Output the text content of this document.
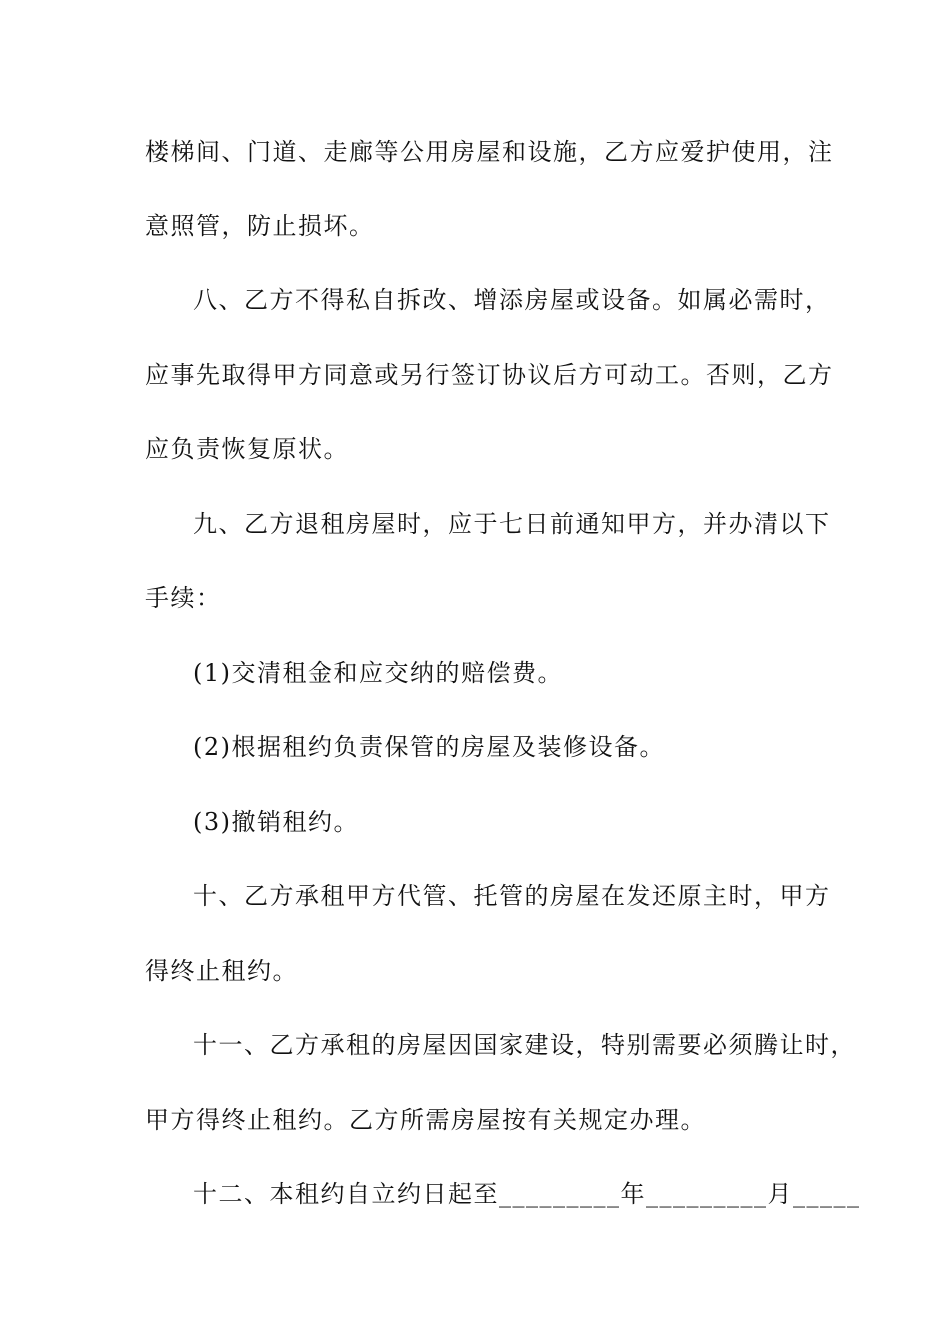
楼梯间、门道、走廊等公用房屋和设施，乙方应爱护使用，注

意照管，防止损坏。

八、乙方不得私自拆改、增添房屋或设备。如属必需时，

应事先取得甲方同意或另行签订协议后方可动工。否则，乙方

应负责恢复原状。

九、乙方退租房屋时，应于七日前通知甲方，并办清以下

手续：

(1)交清租金和应交纳的赔偿费。

(2)根据租约负责保管的房屋及装修设备。

(3)撤销租约。

十、乙方承租甲方代管、托管的房屋在发还原主时，甲方

得终止租约。

十一、乙方承租的房屋因国家建设，特别需要必须腾让时，

甲方得终止租约。乙方所需房屋按有关规定办理。

十二、本租约自立约日起至_________年_________月_____
